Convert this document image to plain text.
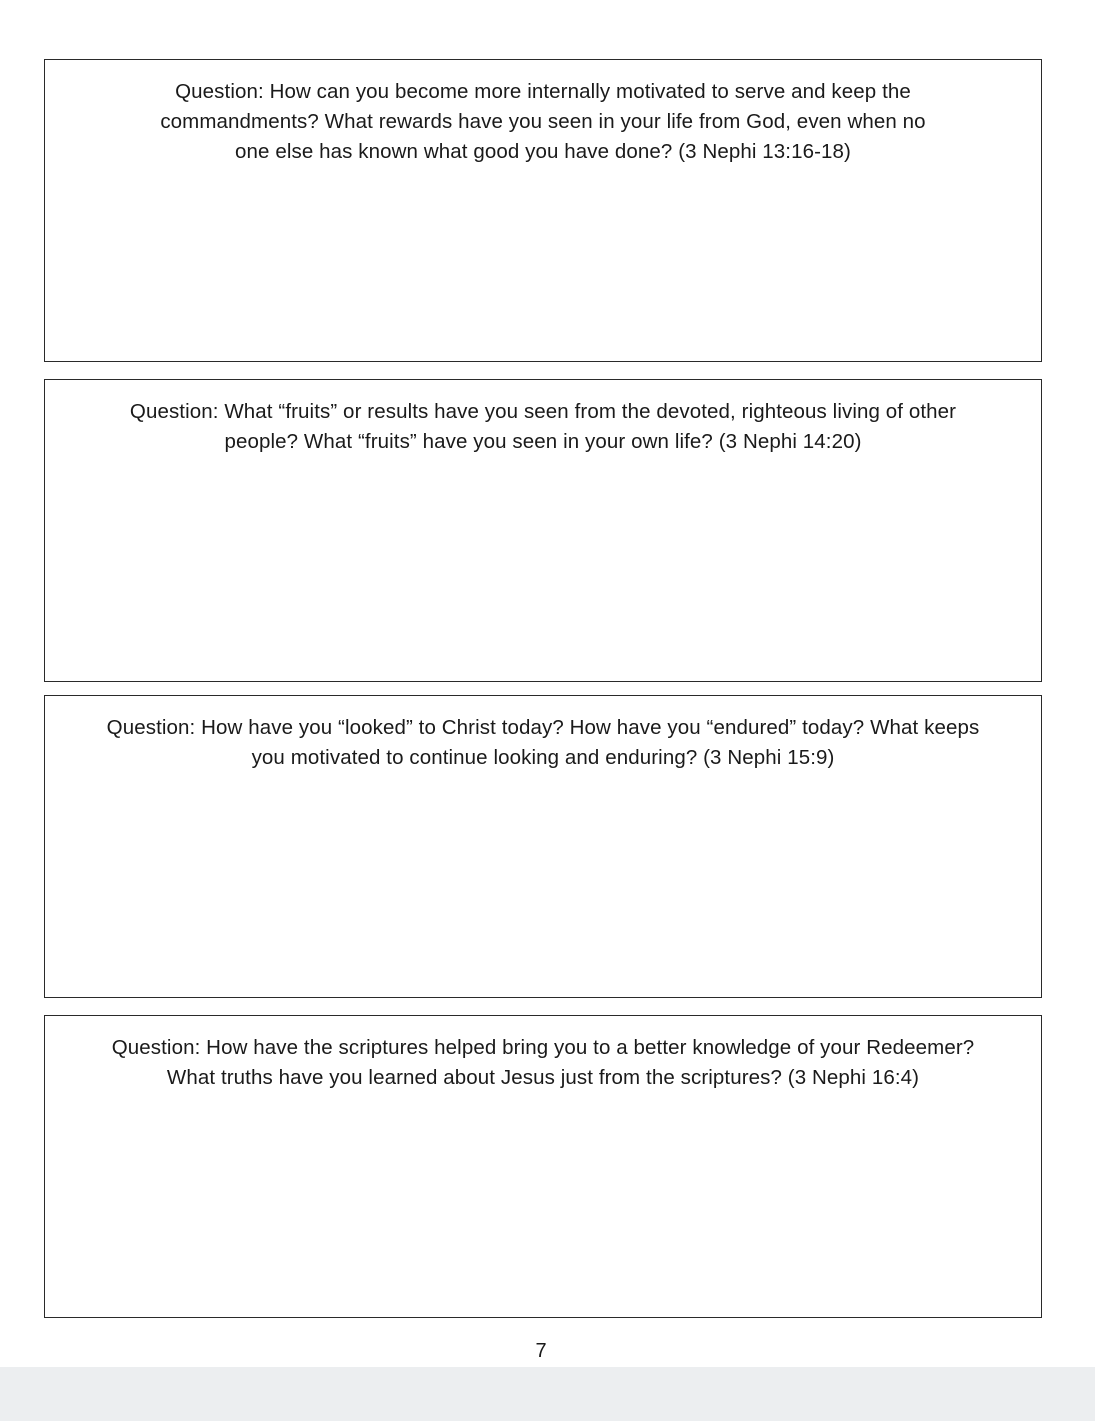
Question: How can you become more internally motivated to serve and keep the
commandments? What rewards have you seen in your life from God, even when no
one else has known what good you have done? (3 Nephi 13:16-18)

Question: What “fruits” or results have you seen from the devoted, righteous living of other
people? What “fruits” have you seen in your own life? (3 Nephi 14:20)

Question: How have you “looked” to Christ today? How have you “endured” today? What keeps
you motivated to continue looking and enduring? (3 Nephi 15:9)

Question: How have the scriptures helped bring you to a better knowledge of your Redeemer?
What truths have you learned about Jesus just from the scriptures? (3 Nephi 16:4)

7
